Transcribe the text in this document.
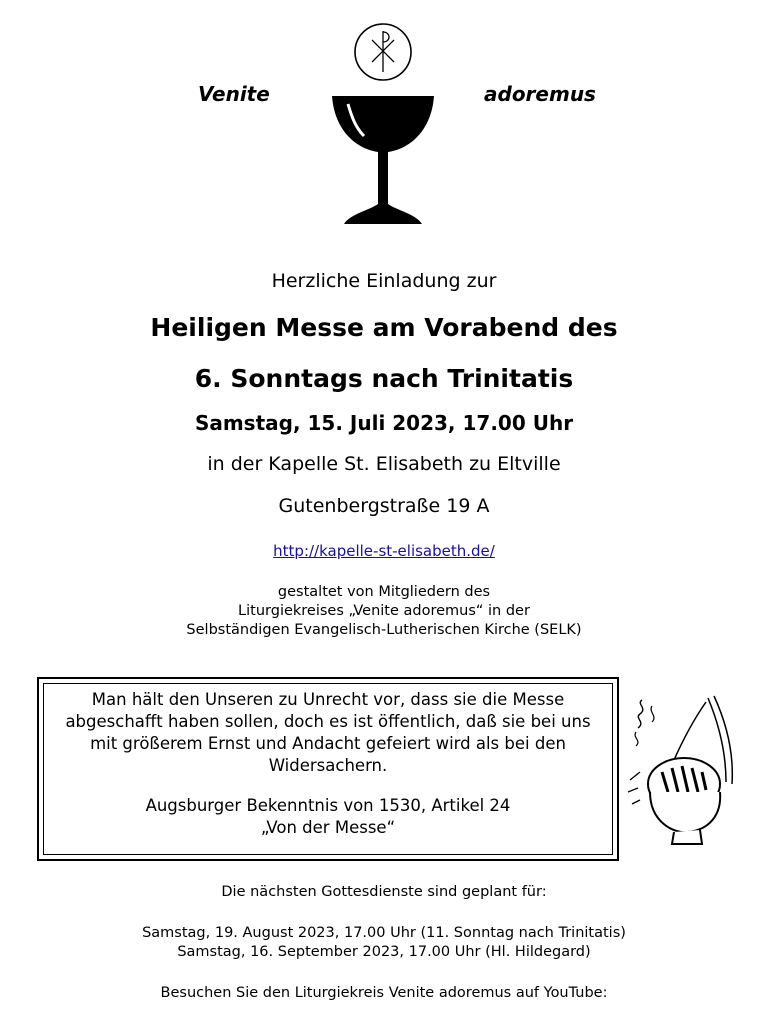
Venite	adoremus
Herzliche Einladung zur
Heiligen Messe am Vorabend des
6. Sonntags nach Trinitatis
Samstag, 15. Juli 2023, 17.00 Uhr
in der Kapelle St. Elisabeth zu Eltville
Gutenbergstraße 19 A
http://kapelle-st-elisabeth.de/
gestaltet von Mitgliedern des
Liturgiekreises „Venite adoremus“ in der
Selbständigen Evangelisch-Lutherischen Kirche (SELK)
Man hält den Unseren zu Unrecht vor, dass sie die Messe
abgeschafft haben sollen, doch es ist öffentlich, daß sie bei uns
mit größerem Ernst und Andacht gefeiert wird als bei den
Widersachern.
Augsburger Bekenntnis von 1530, Artikel 24
„Von der Messe“
Die nächsten Gottesdienste sind geplant für:
Samstag, 19. August 2023, 17.00 Uhr (11. Sonntag nach Trinitatis)
Samstag, 16. September 2023, 17.00 Uhr (Hl. Hildegard)
Besuchen Sie den Liturgiekreis Venite adoremus auf YouTube:
